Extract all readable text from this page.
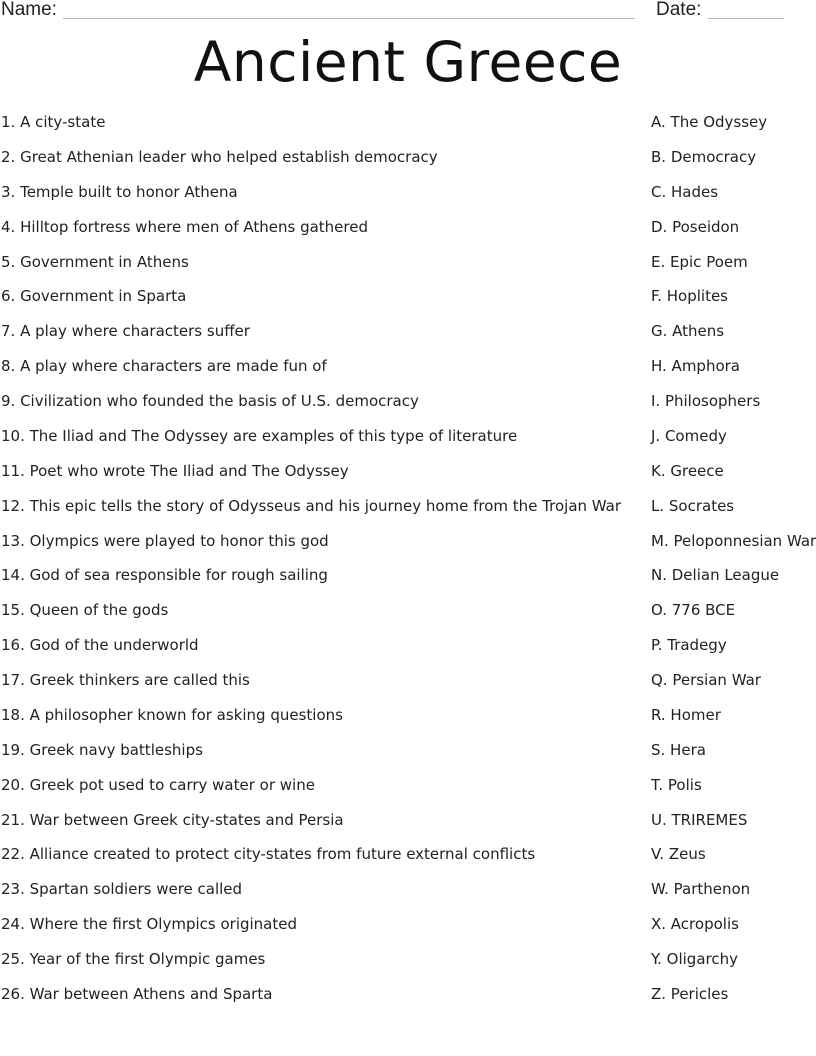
Name:	Date:
Ancient Greece
1. A city-state
2. Great Athenian leader who helped establish democracy
3. Temple built to honor Athena
4. Hilltop fortress where men of Athens gathered
5. Government in Athens
6. Government in Sparta
7. A play where characters suffer
8. A play where characters are made fun of
9. Civilization who founded the basis of U.S. democracy
10. The Iliad and The Odyssey are examples of this type of literature
11. Poet who wrote The Iliad and The Odyssey
12. This epic tells the story of Odysseus and his journey home from the Trojan War
13. Olympics were played to honor this god
14. God of sea responsible for rough sailing
15. Queen of the gods
16. God of the underworld
17. Greek thinkers are called this
18. A philosopher known for asking questions
19. Greek navy battleships
20. Greek pot used to carry water or wine
21. War between Greek city-states and Persia
22. Alliance created to protect city-states from future external conflicts
23. Spartan soldiers were called
24. Where the first Olympics originated
25. Year of the first Olympic games
26. War between Athens and Sparta
A. The Odyssey
B. Democracy
C. Hades
D. Poseidon
E. Epic Poem
F. Hoplites
G. Athens
H. Amphora
I. Philosophers
J. Comedy
K. Greece
L. Socrates
M. Peloponnesian War
N. Delian League
O. 776 BCE
P. Tradegy
Q. Persian War
R. Homer
S. Hera
T. Polis
U. TRIREMES
V. Zeus
W. Parthenon
X. Acropolis
Y. Oligarchy
Z. Pericles
